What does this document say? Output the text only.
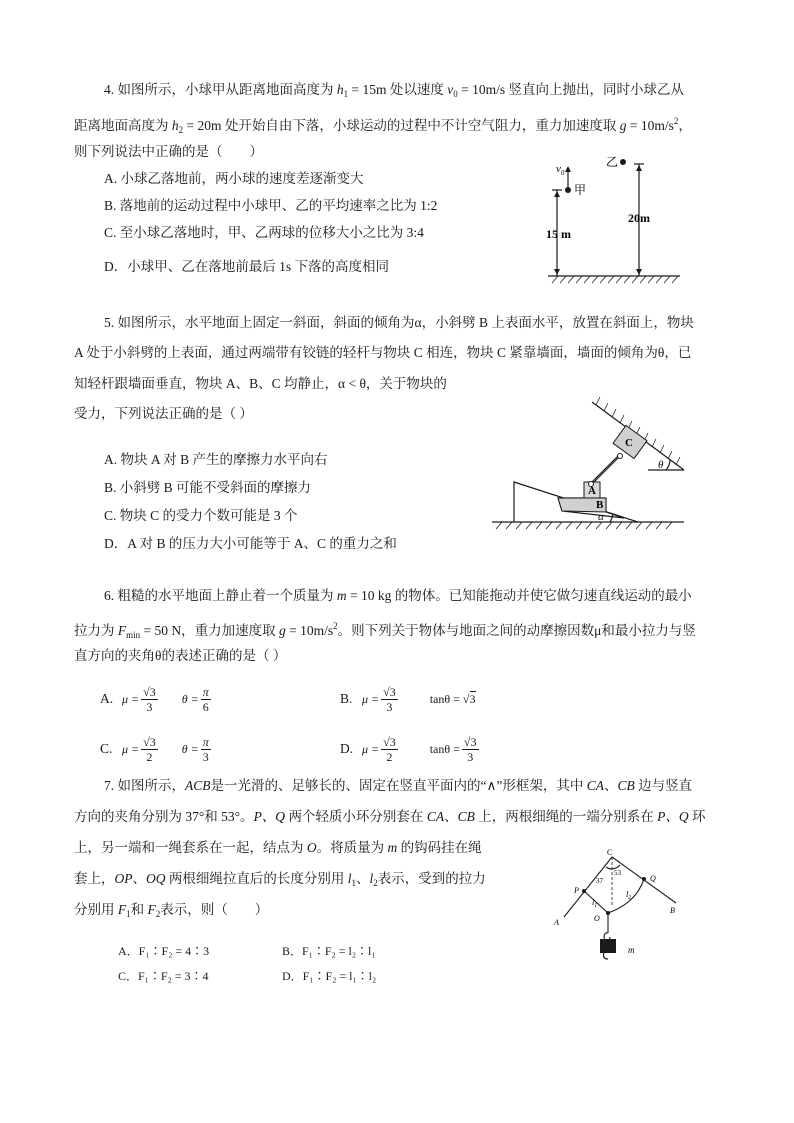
4. 如图所示，小球甲从距离地面高度为 $h_1 = 15m$ 处以速度 $v_0 = 10m/s$ 竖直向上抛出，同时小球乙从
距离地面高度为 $h_2 = 20m$ 处开始自由下落，小球运动的过程中不计空气阻力，重力加速度取 $g = 10m/s^2$，
则下列说法中正确的是（　　）
A. 小球乙落地前，两小球的速度差逐渐变大
B. 落地前的运动过程中小球甲、乙的平均速率之比为 1:2
C. 至小球乙落地时，甲、乙两球的位移大小之比为 3:4
D．小球甲、乙在落地前最后 1s 下落的高度相同
$v_0$
甲
乙
20m
15 m
5. 如图所示，水平地面上固定一斜面，斜面的倾角为α，小斜劈 B 上表面水平，放置在斜面上，物块
A 处于小斜劈的上表面，通过两端带有铰链的轻杆与物块 C 相连，物块 C 紧靠墙面，墙面的倾角为θ，已
知轻杆跟墙面垂直，物块 A、B、C 均静止，α < θ，关于物块的
受力，下列说法正确的是（ ）
A. 物块 A 对 B 产生的摩擦力水平向右
B. 小斜劈 B 可能不受斜面的摩擦力
C. 物块 C 的受力个数可能是 3 个
D．A 对 B 的压力大小可能等于 A、C 的重力之和
A
B
C
α
θ
6. 粗糙的水平地面上静止着一个质量为 m = 10 kg 的物体。已知能拖动并使它做匀速直线运动的最小
拉力为 $F_{min} = 50$ N，重力加速度取 $g = 10m/s^2$。则下列关于物体与地面之间的动摩擦因数μ和最小拉力与竖
直方向的夹角θ的表述正确的是（ ）
A. $\mu = \frac{√3}{3}$ $\theta = \frac{\pi}{6}$	B. $\mu = \frac{√3}{3}$	tanθ = √3
C. $\mu = \frac{√3}{2}$ $\theta = \frac{\pi}{3}$	D. $\mu = \frac{√3}{2}$	$\tan\theta = \frac{√3}{3}$
7. 如图所示，ACB是一光滑的、足够长的、固定在竖直平面内的“∧”形框架，其中 CA、CB 边与竖直
方向的夹角分别为 37°和 53°。P、Q 两个轻质小环分别套在 CA、CB 上，两根细绳的一端分别系在 P、Q 环
上，另一端和一绳套系在一起，结点为 O。将质量为 m 的钩码挂在绳
套上，OP、OQ 两根细绳拉直后的长度分别用 $l_1$、$l_2$表示，受到的拉力
分别用 $F_1$和 $F_2$表示，则（　　）
A．F₁∶F₂ = 4∶3	B．F₁∶F₂ = l₂∶l₁
C．F₁∶F₂ = 3∶4	D．F₁∶F₂ = l₁∶l₂
C
37
53
P
Q
$l_1$
$l_2$
O
A
B
m
